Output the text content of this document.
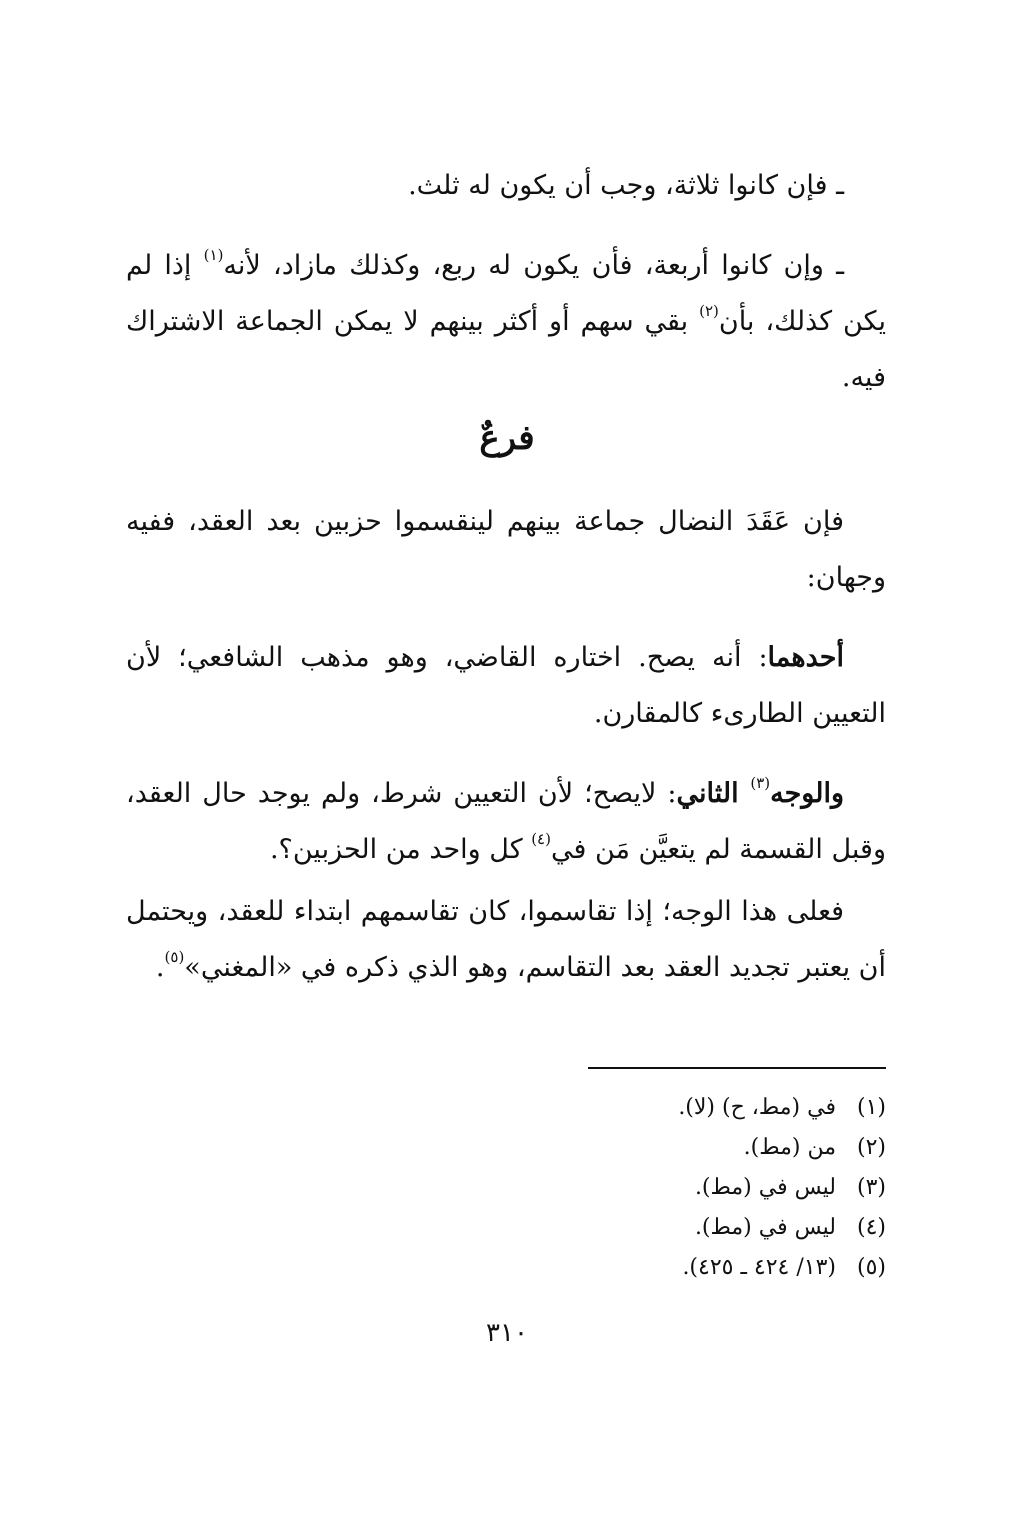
ـ فإن كانوا ثلاثة، وجب أن يكون له ثلث.
ـ وإن كانوا أربعة، فأن يكون له ربع، وكذلك مازاد، لأنه$^{(١)}$ إذا لم يكن كذلك، بأن$^{(٢)}$ بقي سهم أو أكثر بينهم لا يمكن الجماعة الاشتراك فيه.
فرعٌ
فإن عَقَدَ النضال جماعة بينهم لينقسموا حزبين بعد العقد، ففيه وجهان:
أحدهما: أنه يصح. اختاره القاضي، وهو مذهب الشافعي؛ لأن التعيين الطارىء كالمقارن.
والوجه$^{(٣)}$ الثاني: لايصح؛ لأن التعيين شرط، ولم يوجد حال العقد، وقبل القسمة لم يتعيَّن مَن في$^{(٤)}$ كل واحد من الحزبين؟.
فعلى هذا الوجه؛ إذا تقاسموا، كان تقاسمهم ابتداء للعقد، ويحتمل أن يعتبر تجديد العقد بعد التقاسم، وهو الذي ذكره في «المغني»$^{(٥)}$.
(١)
في (مط، ح) (لا).
(٢)
من (مط).
(٣)
ليس في (مط).
(٤)
ليس في (مط).
(٥)
(١٣/ ٤٢٤ ـ ٤٢٥).
٣١٠
